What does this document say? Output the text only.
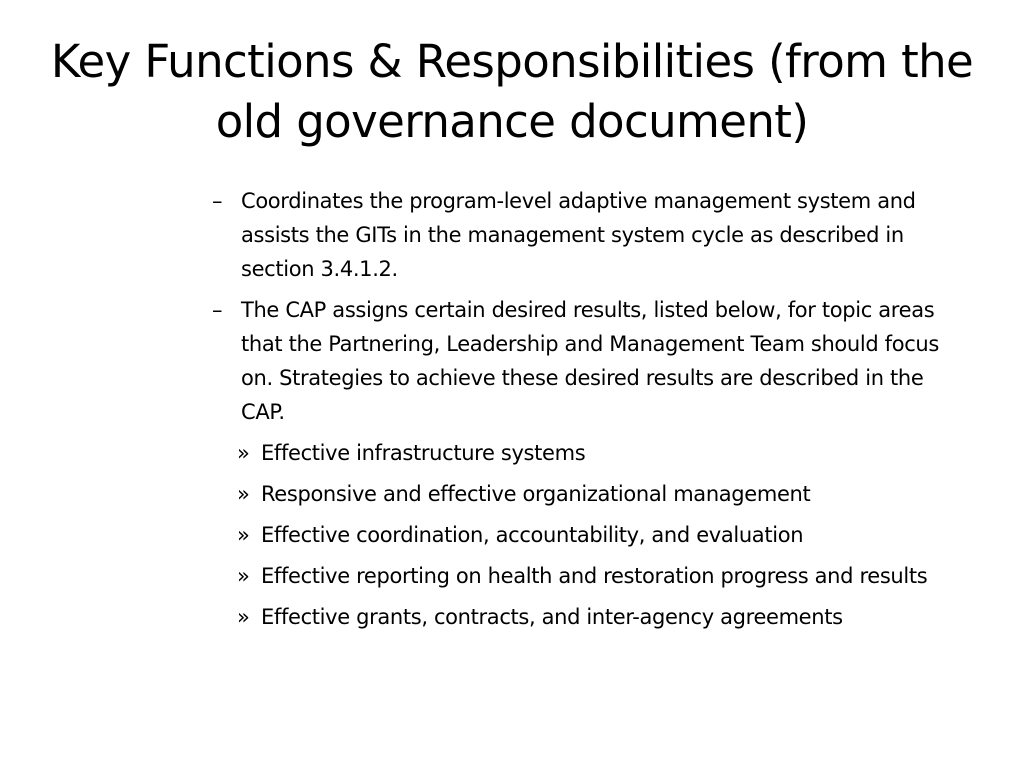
Key Functions & Responsibilities (from the old governance document)
– Coordinates the program-level adaptive management system and assists the GITs in the management system cycle as described in section 3.4.1.2.
– The CAP assigns certain desired results, listed below, for topic areas that the Partnering, Leadership and Management Team should focus on. Strategies to achieve these desired results are described in the CAP.
» Effective infrastructure systems
» Responsive and effective organizational management
» Effective coordination, accountability, and evaluation
» Effective reporting on health and restoration progress and results
» Effective grants, contracts, and inter-agency agreements
